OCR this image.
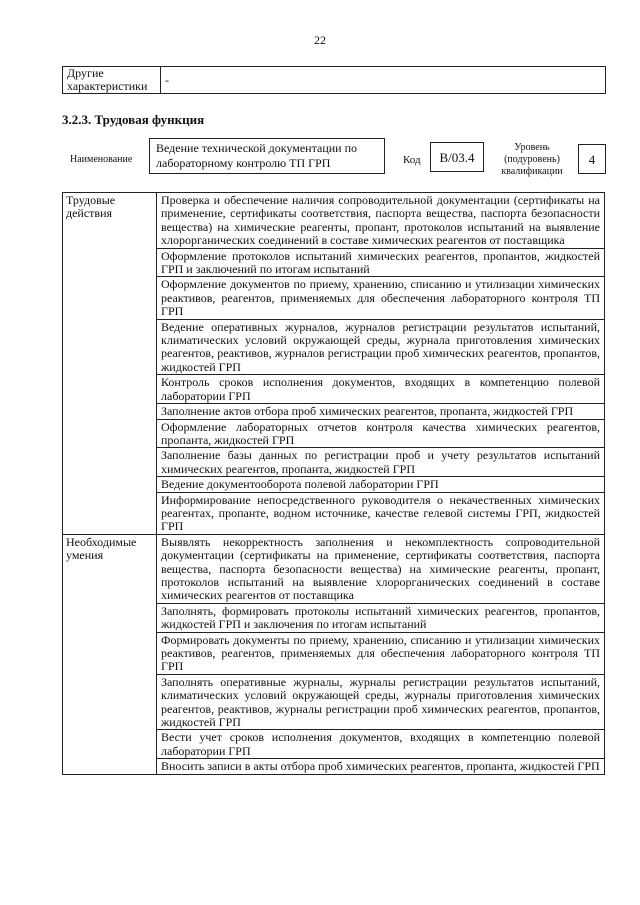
22
Другие характеристики	-
3.2.3. Трудовая функция
Наименование
Ведение технической документации по лабораторному контролю ТП ГРП	Код	B/03.4
Уровень (подуровень) квалификации
4
Трудовые действия	Проверка и обеспечение наличия сопроводительной документации (сертификаты на применение, сертификаты соответствия, паспорта вещества, паспорта безопасности вещества) на химические реагенты, пропант, протоколов испытаний на выявление хлорорганических соединений в составе химических реагентов от поставщика
	Оформление протоколов испытаний химических реагентов, пропантов, жидкостей ГРП и заключений по итогам испытаний
	Оформление документов по приему, хранению, списанию и утилизации химических реактивов, реагентов, применяемых для обеспечения лабораторного контроля ТП ГРП
	Ведение оперативных журналов, журналов регистрации результатов испытаний, климатических условий окружающей среды, журнала приготовления химических реагентов, реактивов, журналов регистрации проб химических реагентов, пропантов, жидкостей ГРП
	Контроль сроков исполнения документов, входящих в компетенцию полевой лаборатории ГРП
	Заполнение актов отбора проб химических реагентов, пропанта, жидкостей ГРП
	Оформление лабораторных отчетов контроля качества химических реагентов, пропанта, жидкостей ГРП
	Заполнение базы данных по регистрации проб и учету результатов испытаний химических реагентов, пропанта, жидкостей ГРП
	Ведение документооборота полевой лаборатории ГРП
	Информирование непосредственного руководителя о некачественных химических реагентах, пропанте, водном источнике, качестве гелевой системы ГРП, жидкостей ГРП
Необходимые умения	Выявлять некорректность заполнения и некомплектность сопроводительной документации (сертификаты на применение, сертификаты соответствия, паспорта вещества, паспорта безопасности вещества) на химические реагенты, пропант, протоколов испытаний на выявление хлорорганических соединений в составе химических реагентов от поставщика
	Заполнять, формировать протоколы испытаний химических реагентов, пропантов, жидкостей ГРП и заключения по итогам испытаний
	Формировать документы по приему, хранению, списанию и утилизации химических реактивов, реагентов, применяемых для обеспечения лабораторного контроля ТП ГРП
	Заполнять оперативные журналы, журналы регистрации результатов испытаний, климатических условий окружающей среды, журналы приготовления химических реагентов, реактивов, журналы регистрации проб химических реагентов, пропантов, жидкостей ГРП
	Вести учет сроков исполнения документов, входящих в компетенцию полевой лаборатории ГРП
	Вносить записи в акты отбора проб химических реагентов, пропанта, жидкостей ГРП
